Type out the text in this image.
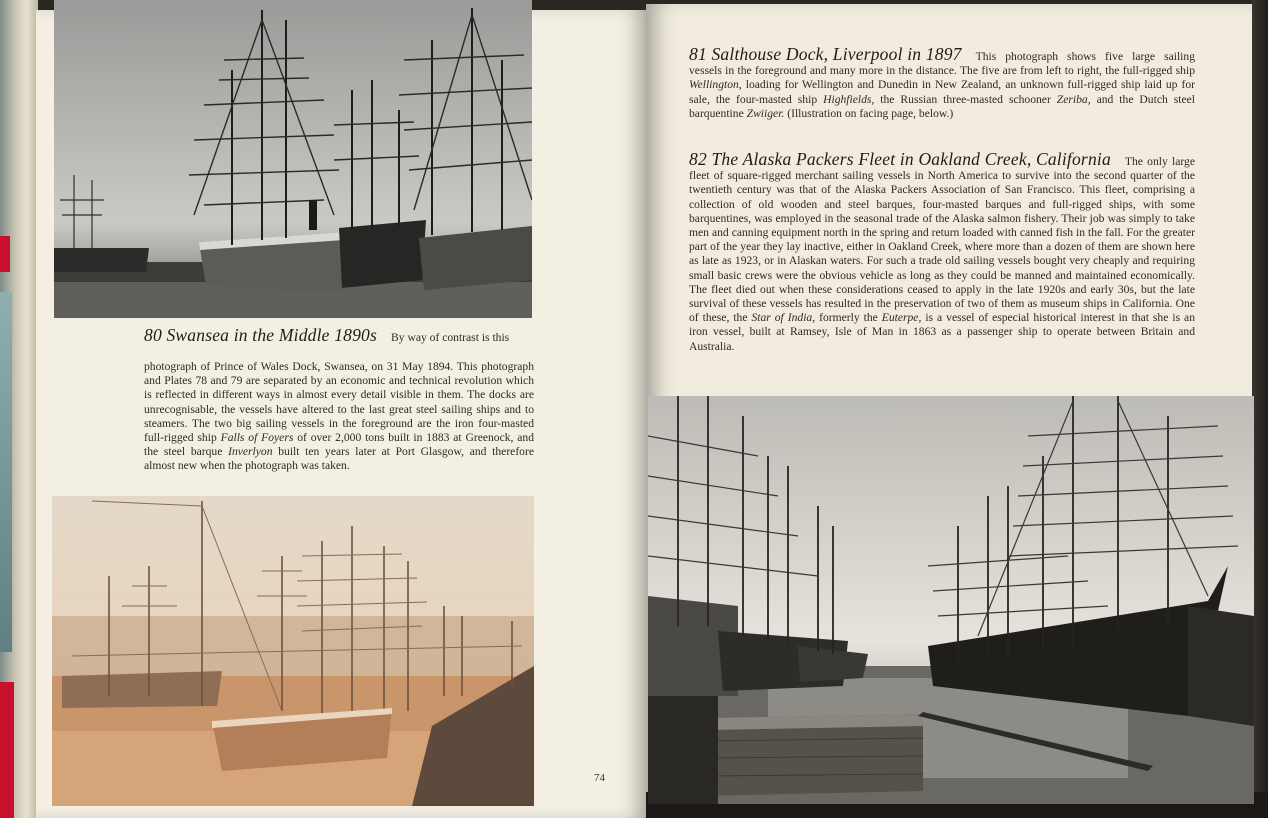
80 Swansea in the Middle 1890s By way of contrast is this
photograph of Prince of Wales Dock, Swansea, on 31 May 1894. This photograph and Plates 78 and 79 are separated by an economic and technical revolution which is reflected in different ways in almost every detail visible in them. The docks are unrecognisable, the vessels have altered to the last great steel sailing ships and to steamers. The two big sailing vessels in the foreground are the iron four-masted full-rigged ship Falls of Foyers of over 2,000 tons built in 1883 at Greenock, and the steel barque Inverlyon built ten years later at Port Glasgow, and therefore almost new when the photograph was taken.
81 Salthouse Dock, Liverpool in 1897 This photograph shows five large sailing vessels in the foreground and many more in the distance. The five are from left to right, the full-rigged ship Wellington, loading for Wellington and Dunedin in New Zealand, an unknown full-rigged ship laid up for sale, the four-masted ship Highfields, the Russian three-masted schooner Zeriba, and the Dutch steel barquentine Zwiiger. (Illustration on facing page, below.)
82 The Alaska Packers Fleet in Oakland Creek, California The only large fleet of square-rigged merchant sailing vessels in North America to survive into the second quarter of the twentieth century was that of the Alaska Packers Association of San Francisco. This fleet, comprising a collection of old wooden and steel barques, four-masted barques and full-rigged ships, with some barquentines, was employed in the seasonal trade of the Alaska salmon fishery. Their job was simply to take men and canning equipment north in the spring and return loaded with canned fish in the fall. For the greater part of the year they lay inactive, either in Oakland Creek, where more than a dozen of them are shown here as late as 1923, or in Alaskan waters. For such a trade old sailing vessels bought very cheaply and requiring small basic crews were the obvious vehicle as long as they could be manned and maintained economically. The fleet died out when these considerations ceased to apply in the late 1920s and early 30s, but the late survival of these vessels has resulted in the preservation of two of them as museum ships in California. One of these, the Star of India, formerly the Euterpe, is a vessel of especial historical interest in that she is an iron vessel, built at Ramsey, Isle of Man in 1863 as a passenger ship to operate between Britain and Australia.
74
